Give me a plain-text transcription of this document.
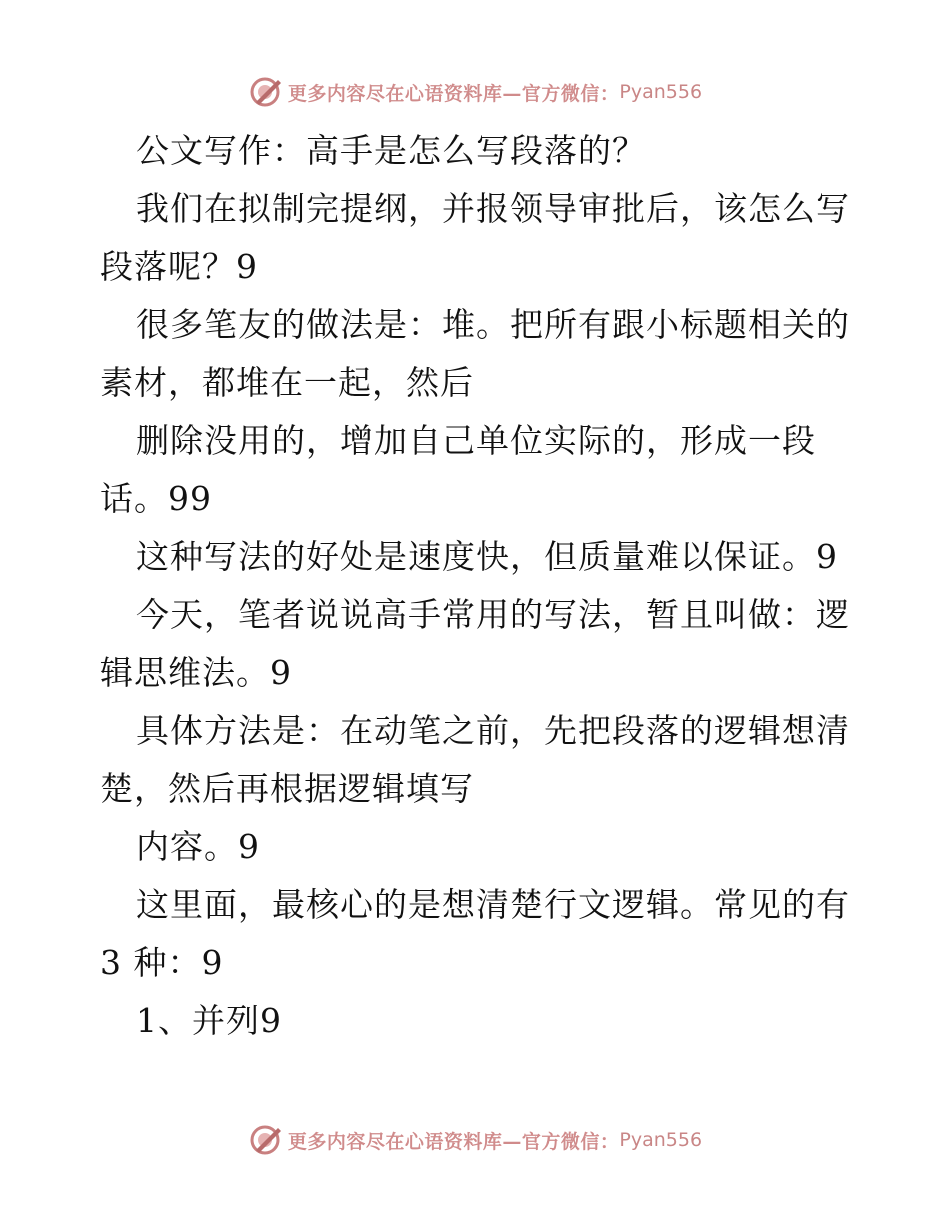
更多内容尽在心语资料库—官方微信： Pyan556
公文写作：高手是怎么写段落的？
我们在拟制完提纲，并报领导审批后，该怎么写
段落呢？9
很多笔友的做法是：堆。把所有跟小标题相关的
素材，都堆在一起，然后
删除没用的，增加自己单位实际的，形成一段
话。99
这种写法的好处是速度快，但质量难以保证。9
今天，笔者说说高手常用的写法，暂且叫做：逻
辑思维法。9
具体方法是：在动笔之前，先把段落的逻辑想清
楚，然后再根据逻辑填写
内容。9
这里面，最核心的是想清楚行文逻辑。常见的有
3 种：9
1、并列9
更多内容尽在心语资料库—官方微信： Pyan556
